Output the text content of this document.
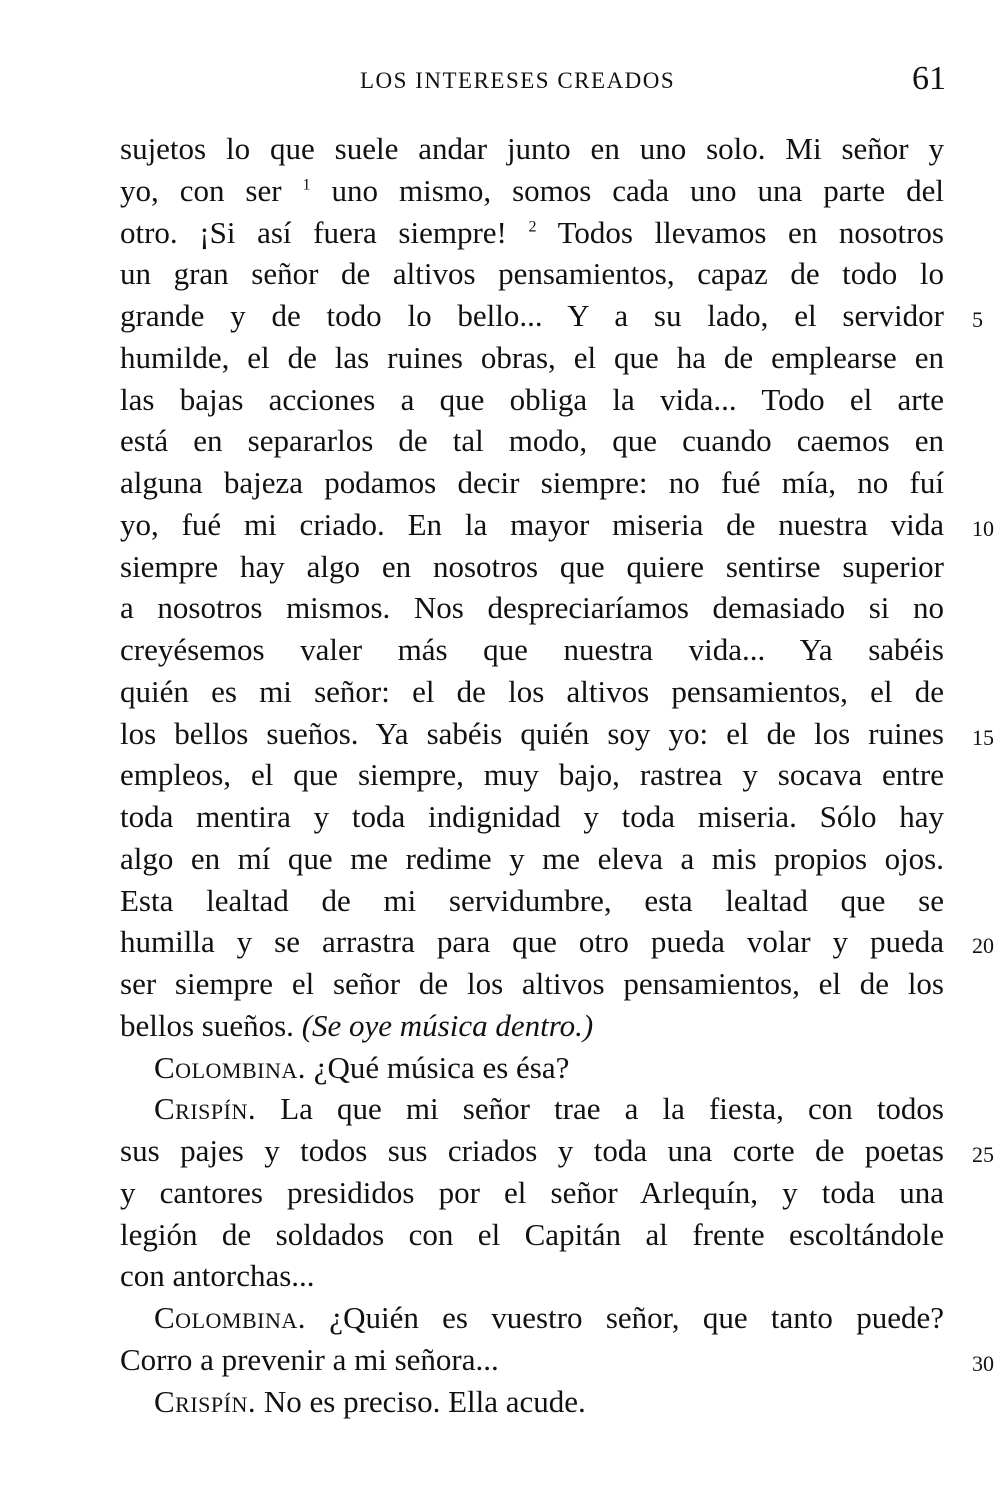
LOS INTERESES CREADOS	61
sujetos lo que suele andar junto en uno solo. Mi señor y
yo, con ser $^1$ uno mismo, somos cada uno una parte del
otro. ¡Si así fuera siempre! $^2$ Todos llevamos en nosotros
un gran señor de altivos pensamientos, capaz de todo lo
grande y de todo lo bello... Y a su lado, el servidor 5
humilde, el de las ruines obras, el que ha de emplearse en
las bajas acciones a que obliga la vida... Todo el arte
está en separarlos de tal modo, que cuando caemos en
alguna bajeza podamos decir siempre: no fué mía, no fuí
yo, fué mi criado. En la mayor miseria de nuestra vida 10
siempre hay algo en nosotros que quiere sentirse superior
a nosotros mismos. Nos despreciaríamos demasiado si no
creyésemos valer más que nuestra vida... Ya sabéis
quién es mi señor: el de los altivos pensamientos, el de
los bellos sueños. Ya sabéis quién soy yo: el de los ruines 15
empleos, el que siempre, muy bajo, rastrea y socava entre
toda mentira y toda indignidad y toda miseria. Sólo hay
algo en mí que me redime y me eleva a mis propios ojos.
Esta lealtad de mi servidumbre, esta lealtad que se
humilla y se arrastra para que otro pueda volar y pueda 20
ser siempre el señor de los altivos pensamientos, el de los
bellos sueños. (Se oye música dentro.)
Colombina. ¿Qué música es ésa?
Crispín. La que mi señor trae a la fiesta, con todos
sus pajes y todos sus criados y toda una corte de poetas 25
y cantores presididos por el señor Arlequín, y toda una
legión de soldados con el Capitán al frente escoltándole
con antorchas...
Colombina. ¿Quién es vuestro señor, que tanto puede?
Corro a prevenir a mi señora...	30
Crispín. No es preciso. Ella acude.
